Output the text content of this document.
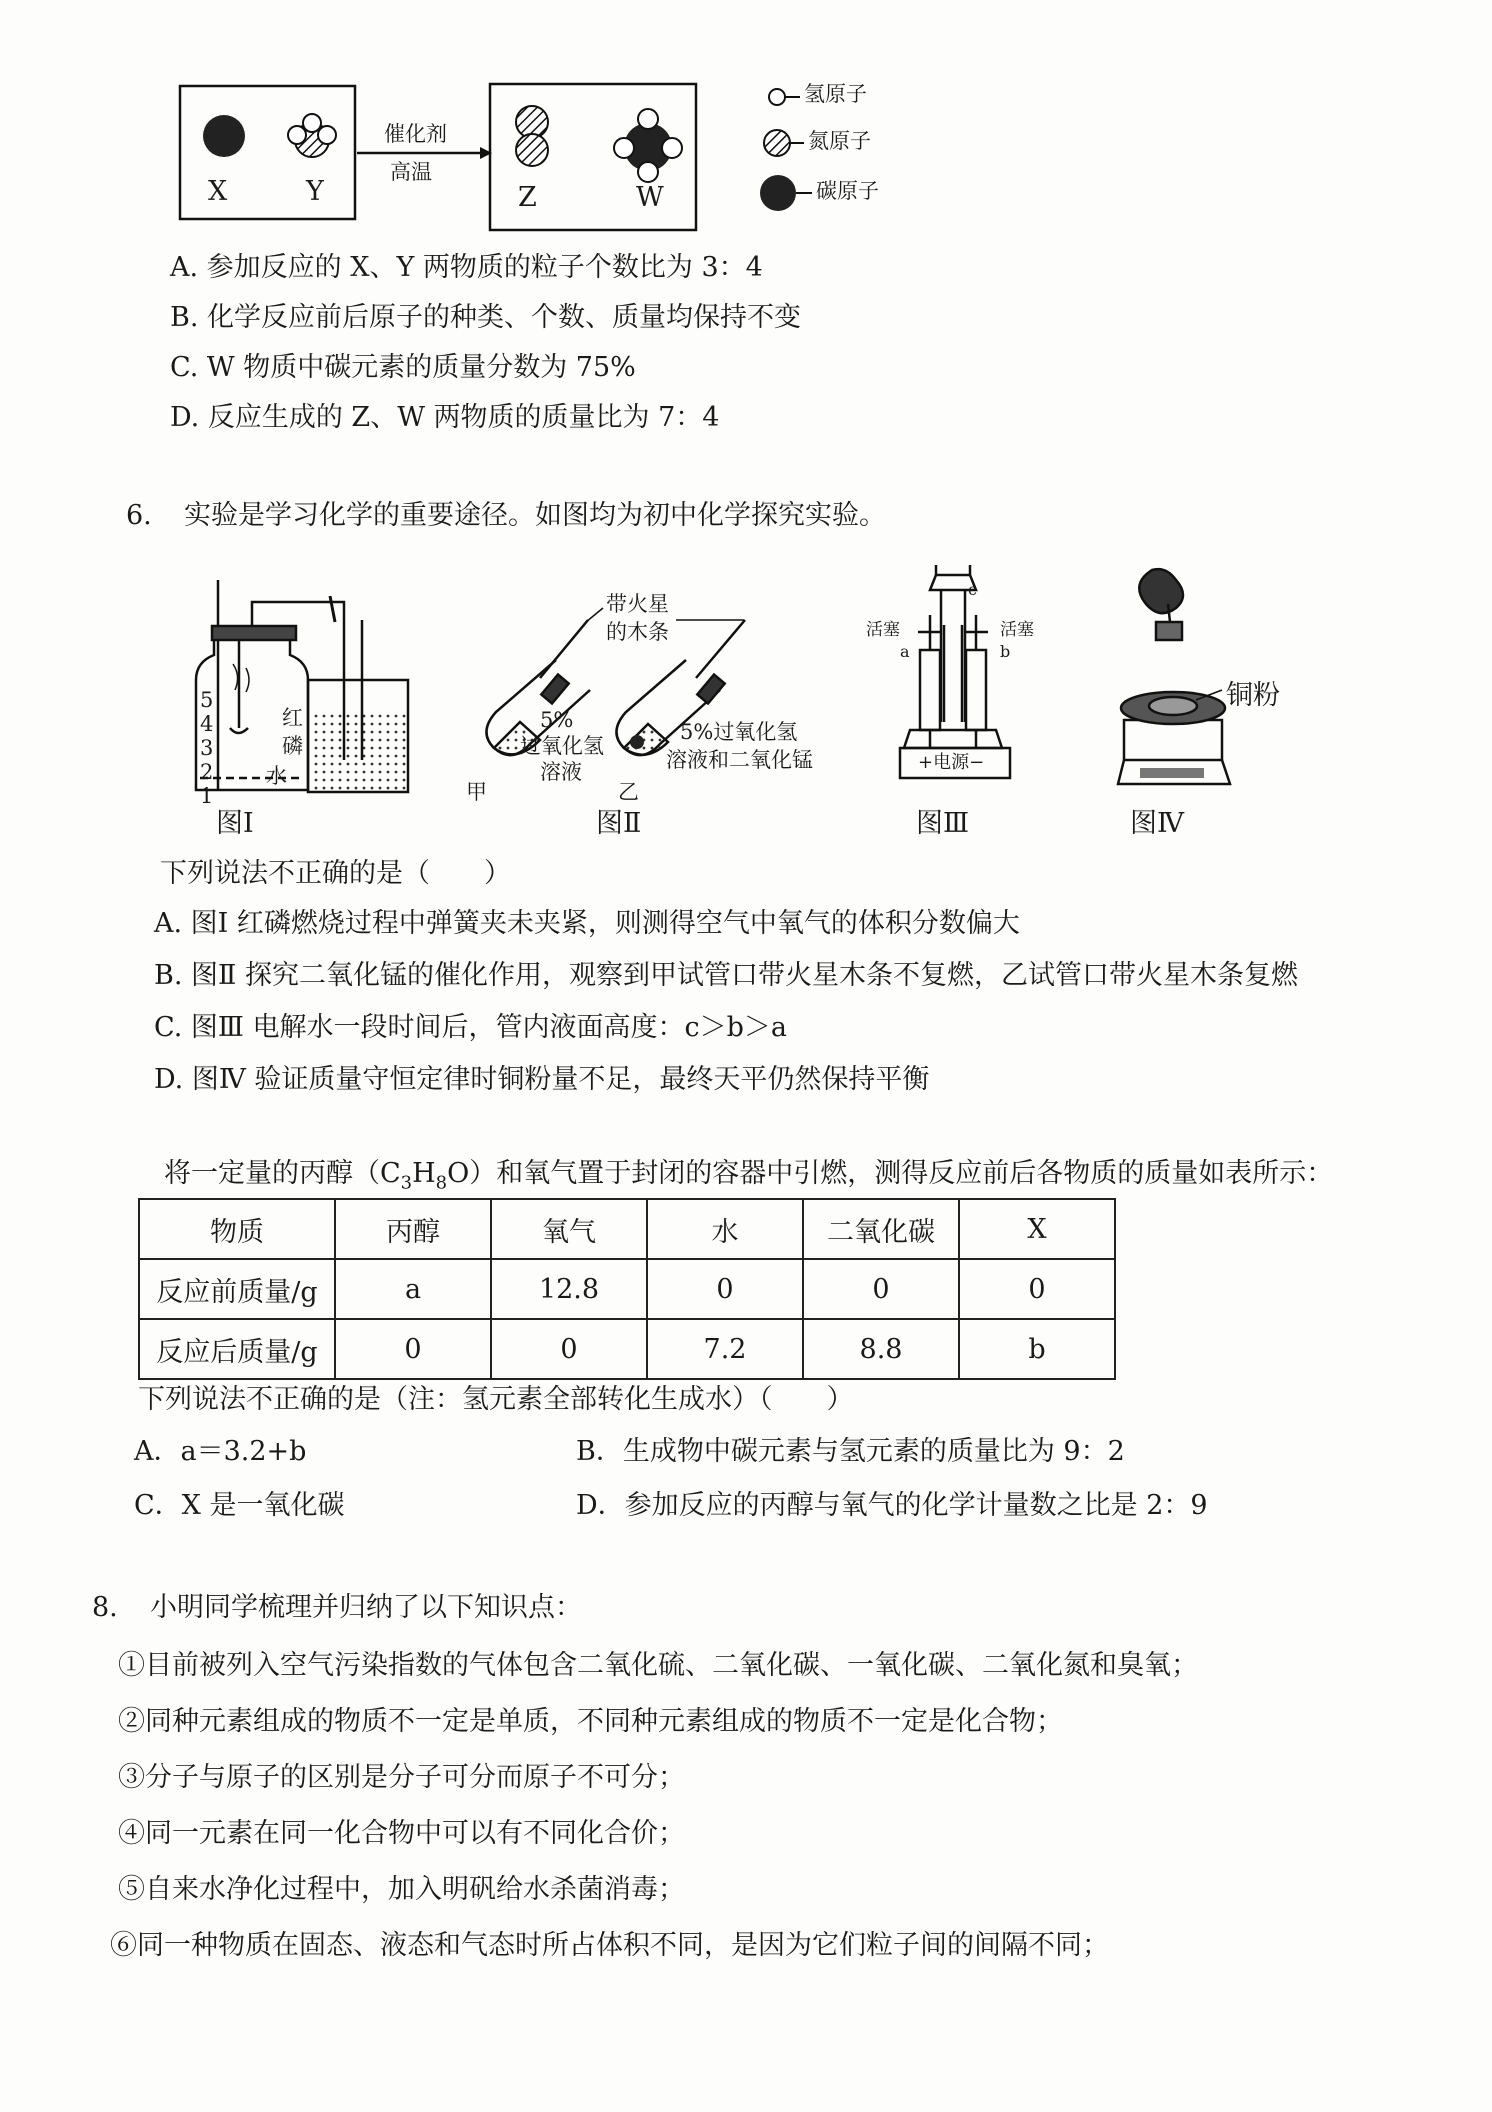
X	Y	Z	W
催化剂
高温
氢原子
氮原子
碳原子
A. 参加反应的 X、Y 两物质的粒子个数比为 3：4
B. 化学反应前后原子的种类、个数、质量均保持不变
C. W 物质中碳元素的质量分数为 75%
D. 反应生成的 Z、W 两物质的质量比为 7：4
6. 实验是学习化学的重要途径。如图均为初中化学探究实验。
5
4
3
2
1
红
磷
水
图Ⅰ
带火星
的木条
5%
过氧化氢
溶液
5%过氧化氢
溶液和二氧化锰
甲	乙
图Ⅱ
活塞	活塞
a	b
c
+电源−
图Ⅲ
铜粉
图Ⅳ
下列说法不正确的是（　　）
A. 图Ⅰ 红磷燃烧过程中弹簧夹未夹紧，则测得空气中氧气的体积分数偏大
B. 图Ⅱ 探究二氧化锰的催化作用，观察到甲试管口带火星木条不复燃，乙试管口带火星木条复燃
C. 图Ⅲ 电解水一段时间后，管内液面高度：c＞b＞a
D. 图Ⅳ 验证质量守恒定律时铜粉量不足，最终天平仍然保持平衡
将一定量的丙醇$(C_3H_8O)$和氧气置于封闭的容器中引燃，测得反应前后各物质的质量如表所示：
物质	丙醇	氧气	水	二氧化碳	X
反应前质量/g	a	12.8	0	0	0
反应后质量/g	0	0	7.2	8.8	b
下列说法不正确的是（注：氢元素全部转化生成水）（　　）
A．a＝3.2+b	B．生成物中碳元素与氢元素的质量比为 9：2
C．X 是一氧化碳	D．参加反应的丙醇与氧气的化学计量数之比是 2：9
8. 小明同学梳理并归纳了以下知识点：
①目前被列入空气污染指数的气体包含二氧化硫、二氧化碳、一氧化碳、二氧化氮和臭氧；
②同种元素组成的物质不一定是单质，不同种元素组成的物质不一定是化合物；
③分子与原子的区别是分子可分而原子不可分；
④同一元素在同一化合物中可以有不同化合价；
⑤自来水净化过程中，加入明矾给水杀菌消毒；
⑥同一种物质在固态、液态和气态时所占体积不同，是因为它们粒子间的间隔不同；
